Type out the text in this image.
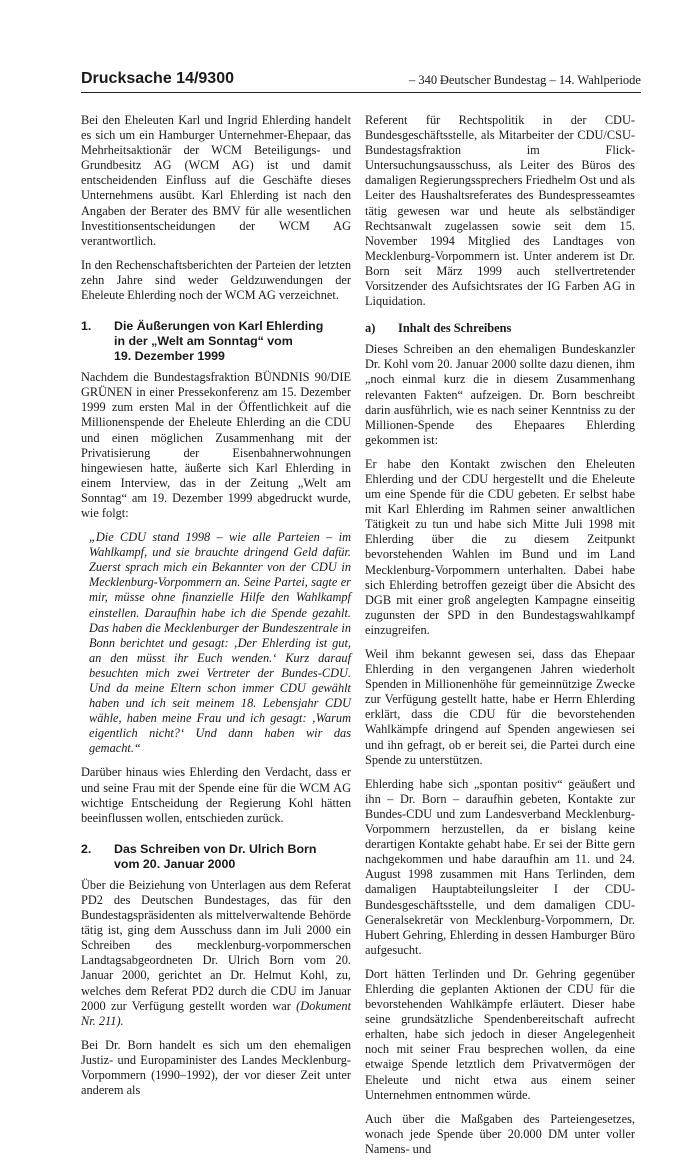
Drucksache 14/9300	– 340 –
Deutscher Bundestag – 14. Wahlperiode

Bei den Eheleuten Karl und Ingrid Ehlerding handelt es sich um ein Hamburger Unternehmer-Ehepaar, das Mehrheitsaktionär der WCM Beteiligungs- und Grundbesitz AG (WCM AG) ist und damit entscheidenden Einfluss auf die Geschäfte dieses Unternehmens ausübt. Karl Ehlerding ist nach den Angaben der Berater des BMV für alle wesentlichen Investitionsentscheidungen der WCM AG verantwortlich.

In den Rechenschaftsberichten der Parteien der letzten zehn Jahre sind weder Geldzuwendungen der Eheleute Ehlerding noch der WCM AG verzeichnet.

1. Die Äußerungen von Karl Ehlerding
in der „Welt am Sonntag“ vom
19. Dezember 1999

Nachdem die Bundestagsfraktion BÜNDNIS 90/DIE GRÜNEN in einer Pressekonferenz am 15. Dezember 1999 zum ersten Mal in der Öffentlichkeit auf die Millionenspende der Eheleute Ehlerding an die CDU und einen möglichen Zusammenhang mit der Privatisierung der Eisenbahnerwohnungen hingewiesen hatte, äußerte sich Karl Ehlerding in einem Interview, das in der Zeitung „Welt am Sonntag“ am 19. Dezember 1999 abgedruckt wurde, wie folgt:

„Die CDU stand 1998 – wie alle Parteien – im Wahlkampf, und sie brauchte dringend Geld dafür. Zuerst sprach mich ein Bekannter von der CDU in Mecklenburg-Vorpommern an. Seine Partei, sagte er mir, müsse ohne finanzielle Hilfe den Wahlkampf einstellen. Daraufhin habe ich die Spende gezahlt. Das haben die Mecklenburger der Bundeszentrale in Bonn berichtet und gesagt: ‚Der Ehlerding ist gut, an den müsst ihr Euch wenden.‘ Kurz darauf besuchten mich zwei Vertreter der Bundes-CDU. Und da meine Eltern schon immer CDU gewählt haben und ich seit meinem 18. Lebensjahr CDU wähle, haben meine Frau und ich gesagt: ‚Warum eigentlich nicht?‘ Und dann haben wir das gemacht.“

Darüber hinaus wies Ehlerding den Verdacht, dass er und seine Frau mit der Spende eine für die WCM AG wichtige Entscheidung der Regierung Kohl hätten beeinflussen wollen, entschieden zurück.

2. Das Schreiben von Dr. Ulrich Born
vom 20. Januar 2000

Über die Beiziehung von Unterlagen aus dem Referat PD2 des Deutschen Bundestages, das für den Bundestagspräsidenten als mittelverwaltende Behörde tätig ist, ging dem Ausschuss dann im Juli 2000 ein Schreiben des mecklenburg-vorpommerschen Landtagsabgeordneten Dr. Ulrich Born vom 20. Januar 2000, gerichtet an Dr. Helmut Kohl, zu, welches dem Referat PD2 durch die CDU im Januar 2000 zur Verfügung gestellt worden war (Dokument Nr. 211).

Bei Dr. Born handelt es sich um den ehemaligen Justiz- und Europaminister des Landes Mecklenburg-Vorpommern (1990–1992), der vor dieser Zeit unter anderem als

Referent für Rechtspolitik in der CDU-Bundesgeschäftsstelle, als Mitarbeiter der CDU/CSU-Bundestagsfraktion im Flick-Untersuchungsausschuss, als Leiter des Büros des damaligen Regierungssprechers Friedhelm Ost und als Leiter des Haushaltsreferates des Bundespresseamtes tätig gewesen war und heute als selbständiger Rechtsanwalt zugelassen sowie seit dem 15. November 1994 Mitglied des Landtages von Mecklenburg-Vorpommern ist. Unter anderem ist Dr. Born seit März 1999 auch stellvertretender Vorsitzender des Aufsichtsrates der IG Farben AG in Liquidation.

a) Inhalt des Schreibens

Dieses Schreiben an den ehemaligen Bundeskanzler Dr. Kohl vom 20. Januar 2000 sollte dazu dienen, ihm „noch einmal kurz die in diesem Zusammenhang relevanten Fakten“ aufzeigen. Dr. Born beschreibt darin ausführlich, wie es nach seiner Kenntniss zu der Millionen-Spende des Ehepaares Ehlerding gekommen ist:

Er habe den Kontakt zwischen den Eheleuten Ehlerding und der CDU hergestellt und die Eheleute um eine Spende für die CDU gebeten. Er selbst habe mit Karl Ehlerding im Rahmen seiner anwaltlichen Tätigkeit zu tun und habe sich Mitte Juli 1998 mit Ehlerding über die zu diesem Zeitpunkt bevorstehenden Wahlen im Bund und im Land Mecklenburg-Vorpommern unterhalten. Dabei habe sich Ehlerding betroffen gezeigt über die Absicht des DGB mit einer groß angelegten Kampagne einseitig zugunsten der SPD in den Bundestagswahlkampf einzugreifen.

Weil ihm bekannt gewesen sei, dass das Ehepaar Ehlerding in den vergangenen Jahren wiederholt Spenden in Millionenhöhe für gemeinnützige Zwecke zur Verfügung gestellt hatte, habe er Herrn Ehlerding erklärt, dass die CDU für die bevorstehenden Wahlkämpfe dringend auf Spenden angewiesen sei und ihn gefragt, ob er bereit sei, die Partei durch eine Spende zu unterstützen.

Ehlerding habe sich „spontan positiv“ geäußert und ihn – Dr. Born – daraufhin gebeten, Kontakte zur Bundes-CDU und zum Landesverband Mecklenburg-Vorpommern herzustellen, da er bislang keine derartigen Kontakte gehabt habe. Er sei der Bitte gern nachgekommen und habe daraufhin am 11. und 24. August 1998 zusammen mit Hans Terlinden, dem damaligen Hauptabteilungsleiter I der CDU-Bundesgeschäftsstelle, und dem damaligen CDU-Generalsekretär von Mecklenburg-Vorpommern, Dr. Hubert Gehring, Ehlerding in dessen Hamburger Büro aufgesucht.

Dort hätten Terlinden und Dr. Gehring gegenüber Ehlerding die geplanten Aktionen der CDU für die bevorstehenden Wahlkämpfe erläutert. Dieser habe seine grundsätzliche Spendenbereitschaft aufrecht erhalten, habe sich jedoch in dieser Angelegenheit noch mit seiner Frau besprechen wollen, da eine etwaige Spende letztlich dem Privatvermögen der Eheleute und nicht etwa aus einem seiner Unternehmen entnommen würde.

Auch über die Maßgaben des Parteiengesetzes, wonach jede Spende über 20.000 DM unter voller Namens- und
